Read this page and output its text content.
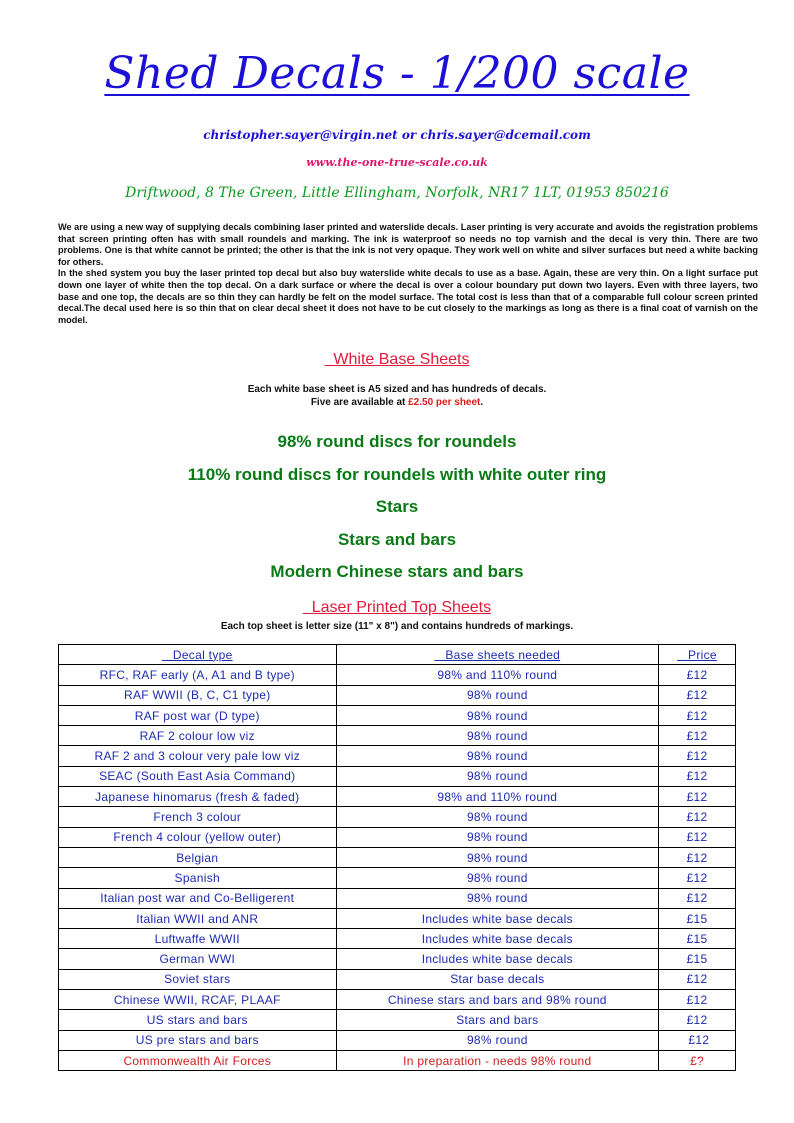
Shed Decals - 1/200 scale

christopher.sayer@virgin.net or chris.sayer@dcemail.com

www.the-one-true-scale.co.uk

Driftwood, 8 The Green, Little Ellingham, Norfolk, NR17 1LT, 01953 850216

We are using a new way of supplying decals combining laser printed and waterslide decals. Laser printing is very accurate and avoids the registration problems that screen printing often has with small roundels and marking. The ink is waterproof so needs no top varnish and the decal is very thin. There are two problems. One is that white cannot be printed; the other is that the ink is not very opaque. They work well on white and silver surfaces but need a white backing for others.

In the shed system you buy the laser printed top decal but also buy waterslide white decals to use as a base. Again, these are very thin. On a light surface put down one layer of white then the top decal. On a dark surface or where the decal is over a colour boundary put down two layers. Even with three layers, two base and one top, the decals are so thin they can hardly be felt on the model surface. The total cost is less than that of a comparable full colour screen printed decal.The decal used here is so thin that on clear decal sheet it does not have to be cut closely to the markings as long as there is a final coat of varnish on the model.

White Base Sheets
Each white base sheet is A5 sized and has hundreds of decals.
Five are available at £2.50 per sheet.
98% round discs for roundels
110% round discs for roundels with white outer ring
Stars
Stars and bars
Modern Chinese stars and bars
Laser Printed Top Sheets
Each top sheet is letter size (11" x 8") and contains hundreds of markings.
Decal type	Base sheets needed	Price
RFC, RAF early (A, A1 and B type)	98% and 110% round	£12
RAF WWII (B, C, C1 type)	98% round	£12
RAF post war (D type)	98% round	£12
RAF 2 colour low viz	98% round	£12
RAF 2 and 3 colour very pale low viz	98% round	£12
SEAC (South East Asia Command)	98% round	£12
Japanese hinomarus (fresh & faded)	98% and 110% round	£12
French 3 colour	98% round	£12
French 4 colour (yellow outer)	98% round	£12
Belgian	98% round	£12
Spanish	98% round	£12
Italian post war and Co-Belligerent	98% round	£12
Italian WWII and ANR	Includes white base decals	£15
Luftwaffe WWII	Includes white base decals	£15
German WWI	Includes white base decals	£15
Soviet stars	Star base decals	£12
Chinese WWII, RCAF, PLAAF	Chinese stars and bars and 98% round	£12
US stars and bars	Stars and bars	£12
US pre stars and bars	98% round	£12
Commonwealth Air Forces	In preparation - needs 98% round	£?
